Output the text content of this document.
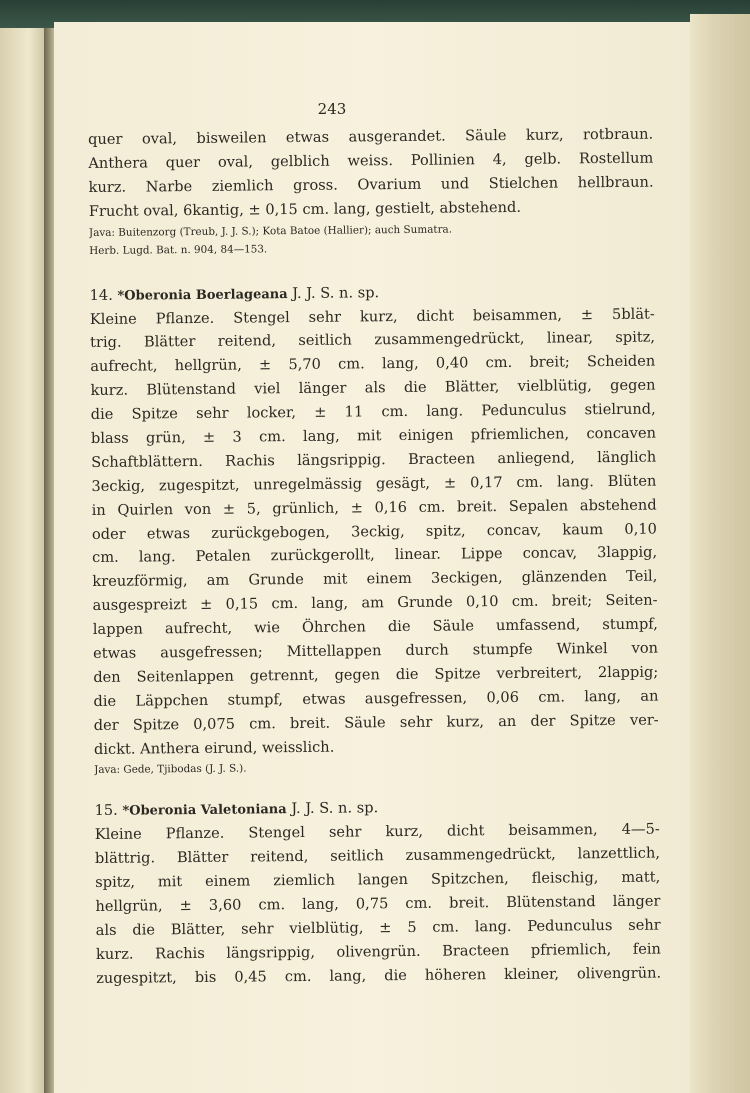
243
quer oval, bisweilen etwas ausgerandet. Säule kurz, rotbraun.
Anthera quer oval, gelblich weiss. Pollinien 4, gelb. Rostellum
kurz. Narbe ziemlich gross. Ovarium und Stielchen hellbraun.
Frucht oval, 6kantig, ± 0,15 cm. lang, gestielt, abstehend.
Java: Buitenzorg (Treub, J. J. S.); Kota Batoe (Hallier); auch Sumatra.
Herb. Lugd. Bat. n. 904, 84—153.
14. *Oberonia Boerlageana J. J. S. n. sp.
Kleine Pflanze. Stengel sehr kurz, dicht beisammen, ± 5blät-
trig. Blätter reitend, seitlich zusammengedrückt, linear, spitz,
aufrecht, hellgrün, ± 5,70 cm. lang, 0,40 cm. breit; Scheiden
kurz. Blütenstand viel länger als die Blätter, vielblütig, gegen
die Spitze sehr locker, ± 11 cm. lang. Pedunculus stielrund,
blass grün, ± 3 cm. lang, mit einigen pfriemlichen, concaven
Schaftblättern. Rachis längsrippig. Bracteen anliegend, länglich
3eckig, zugespitzt, unregelmässig gesägt, ± 0,17 cm. lang. Blüten
in Quirlen von ± 5, grünlich, ± 0,16 cm. breit. Sepalen abstehend
oder etwas zurückgebogen, 3eckig, spitz, concav, kaum 0,10
cm. lang. Petalen zurückgerollt, linear. Lippe concav, 3lappig,
kreuzförmig, am Grunde mit einem 3eckigen, glänzenden Teil,
ausgespreizt ± 0,15 cm. lang, am Grunde 0,10 cm. breit; Seiten-
lappen aufrecht, wie Öhrchen die Säule umfassend, stumpf,
etwas ausgefressen; Mittellappen durch stumpfe Winkel von
den Seitenlappen getrennt, gegen die Spitze verbreitert, 2lappig;
die Läppchen stumpf, etwas ausgefressen, 0,06 cm. lang, an
der Spitze 0,075 cm. breit. Säule sehr kurz, an der Spitze ver-
dickt. Anthera eirund, weisslich.
Java: Gede, Tjibodas (J. J. S.).
15. *Oberonia Valetoniana J. J. S. n. sp.
Kleine Pflanze. Stengel sehr kurz, dicht beisammen, 4—5-
blättrig. Blätter reitend, seitlich zusammengedrückt, lanzettlich,
spitz, mit einem ziemlich langen Spitzchen, fleischig, matt,
hellgrün, ± 3,60 cm. lang, 0,75 cm. breit. Blütenstand länger
als die Blätter, sehr vielblütig, ± 5 cm. lang. Pedunculus sehr
kurz. Rachis längsrippig, olivengrün. Bracteen pfriemlich, fein
zugespitzt, bis 0,45 cm. lang, die höheren kleiner, olivengrün.
